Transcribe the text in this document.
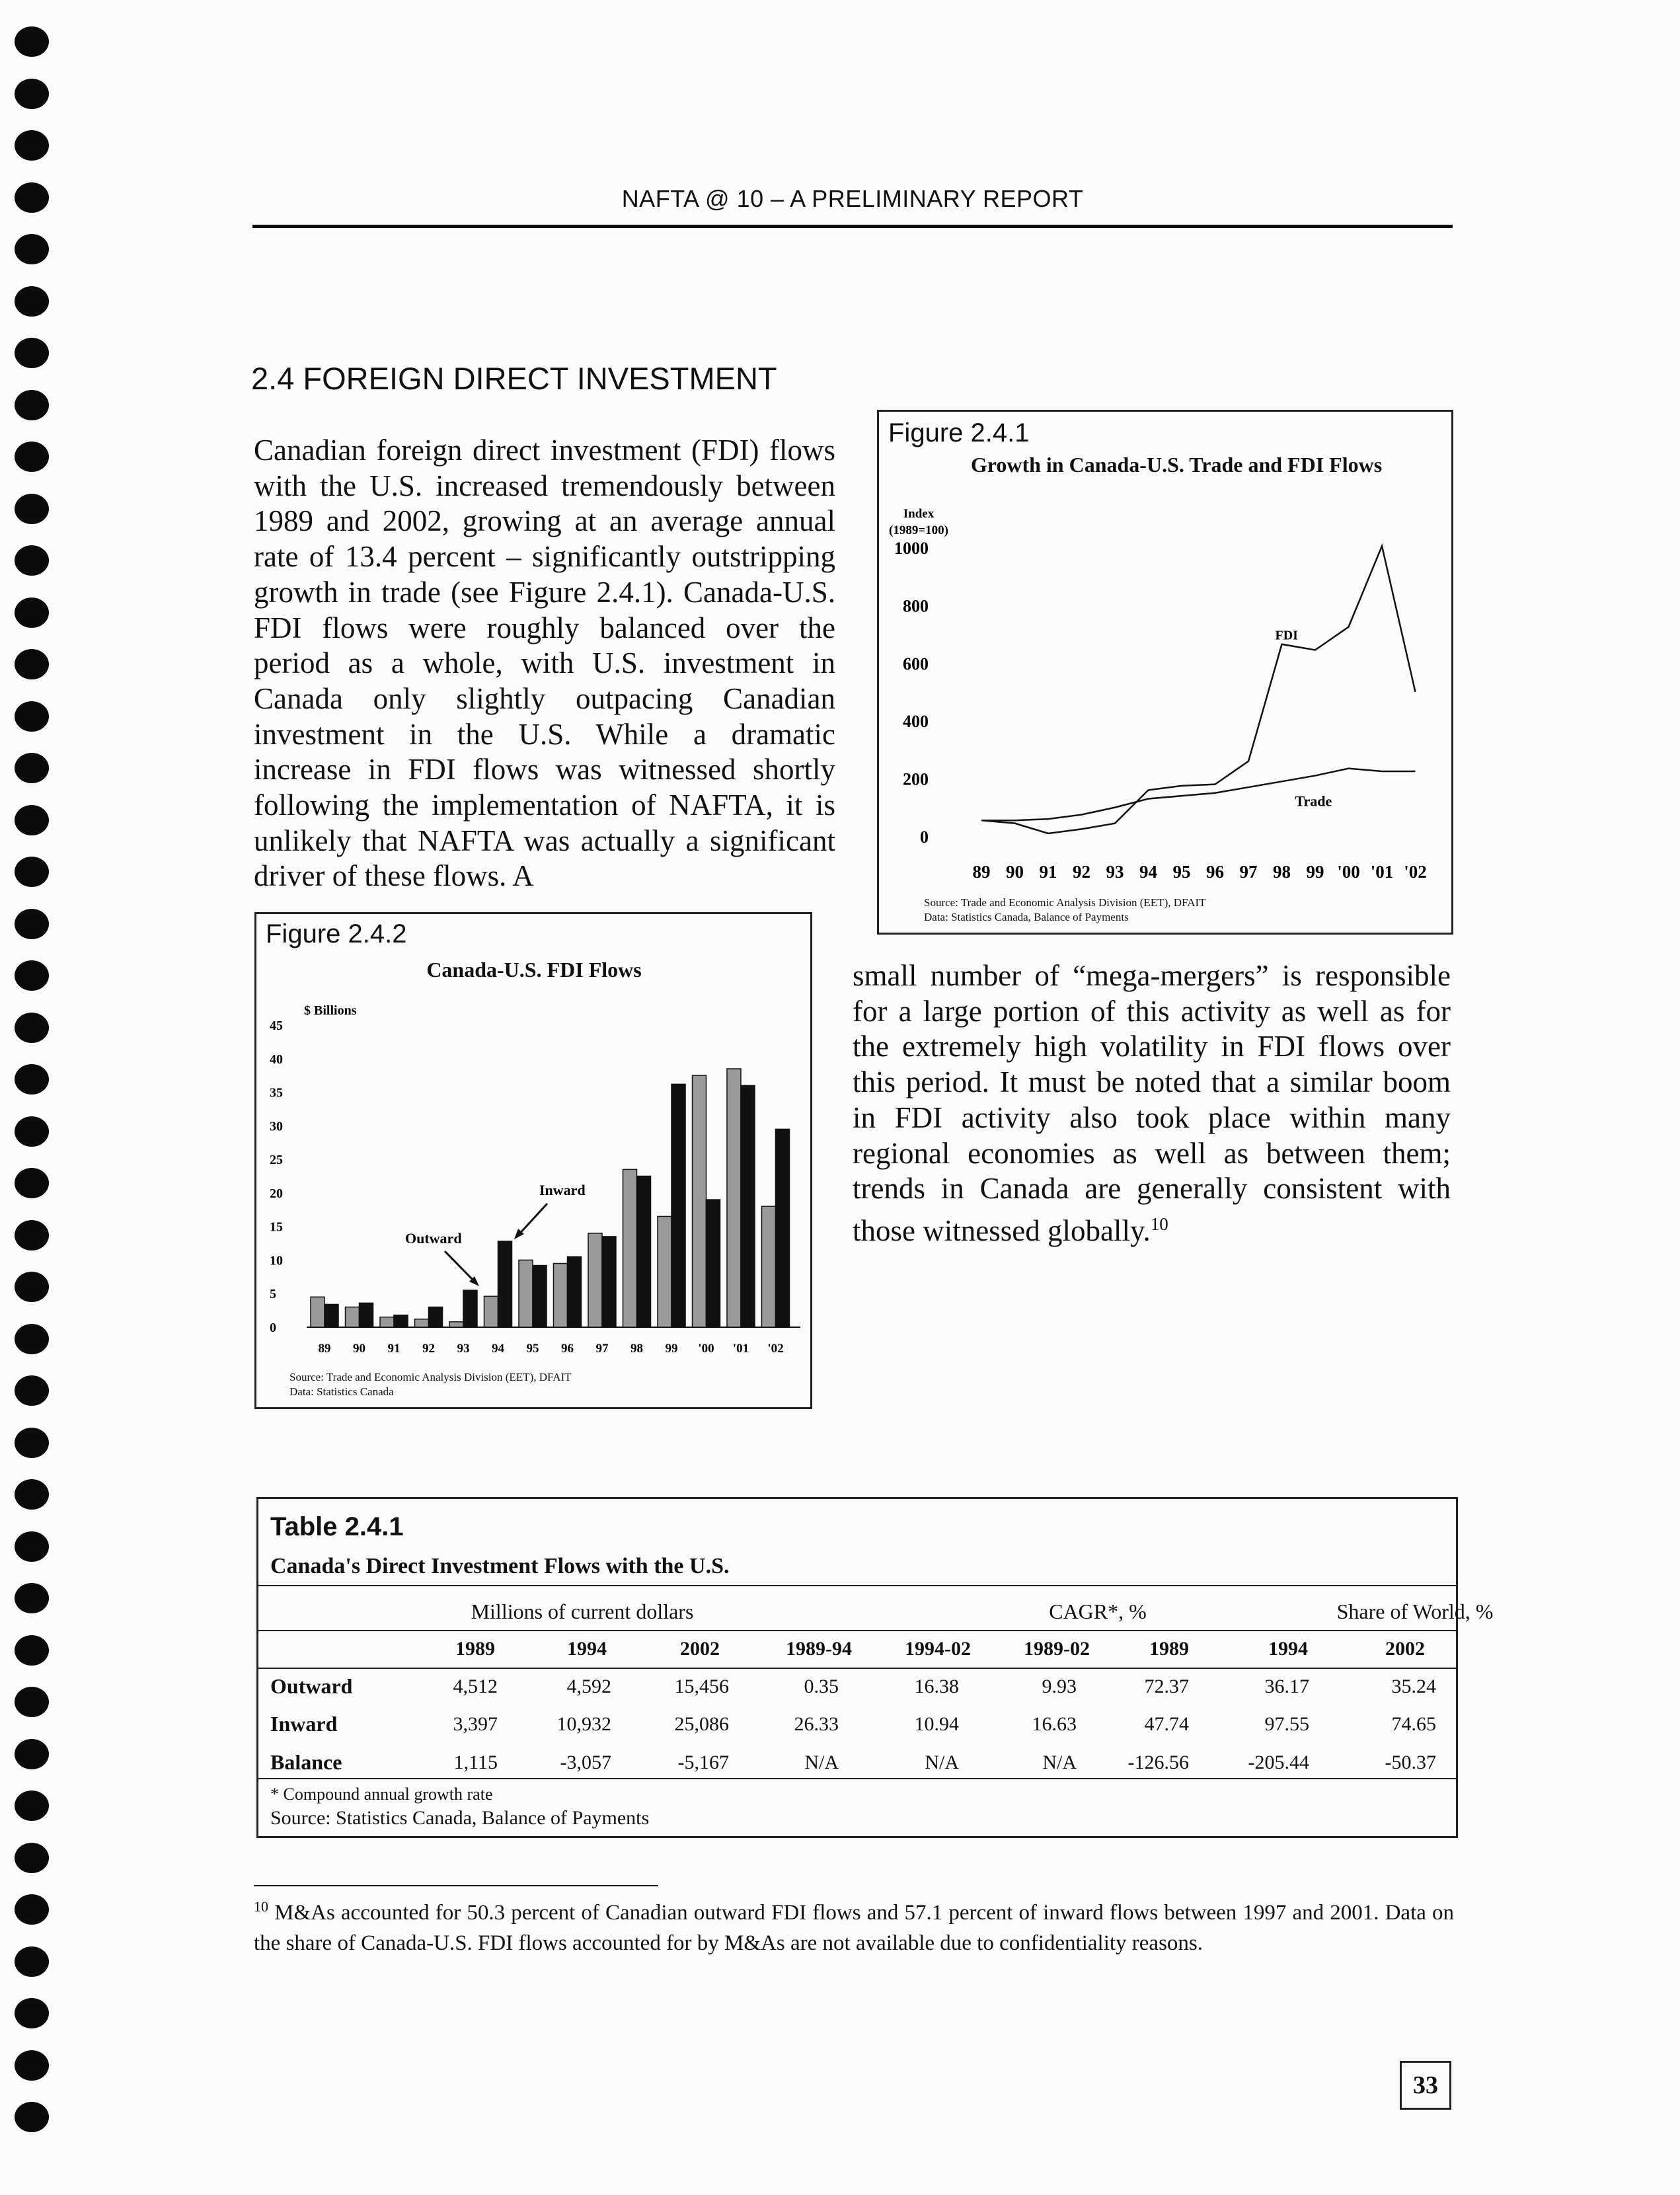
NAFTA @ 10 – A PRELIMINARY REPORT
2.4 FOREIGN DIRECT INVESTMENT
Canadian foreign direct investment (FDI) flows with the U.S. increased tremendously between 1989 and 2002, growing at an average annual rate of 13.4 percent – significantly outstripping growth in trade (see Figure 2.4.1). Canada-U.S. FDI flows were roughly balanced over the period as a whole, with U.S. investment in Canada only slightly outpacing Canadian investment in the U.S. While a dramatic increase in FDI flows was witnessed shortly following the implementation of NAFTA, it is unlikely that NAFTA was actually a significant driver of these flows. A
small number of “mega-mergers” is responsible for a large portion of this activity as well as for the extremely high volatility in FDI flows over this period. It must be noted that a similar boom in FDI activity also took place within many regional economies as well as between them; trends in Canada are generally consistent with those witnessed globally.$^{10}$
Figure 2.4.1
Growth in Canada-U.S. Trade and FDI Flows
Index
(1989=100)
0
200
400
600
800
1000
89 90 91 92 93 94 95 96 97 98 99 '00 '01 '02
FDI
Trade
Source: Trade and Economic Analysis Division (EET), DFAIT
Data: Statistics Canada, Balance of Payments
Figure 2.4.2
Canada-U.S. FDI Flows
$ Billions
0
5
10
15
20
25
30
35
40
45
89 90 91 92 93 94 95 96 97 98 99 '00 '01 '02
Outward
Inward
Source: Trade and Economic Analysis Division (EET), DFAIT
Data: Statistics Canada
Table 2.4.1
Canada's Direct Investment Flows with the U.S.
Millions of current dollars	CAGR*, %	Share of World, %
1989	1994	2002	1989-94	1994-02	1989-02	1989	1994	2002
Outward	4,512	4,592	15,456	0.35	16.38	9.93	72.37	36.17	35.24
Inward	3,397	10,932	25,086	26.33	10.94	16.63	47.74	97.55	74.65
Balance	1,115	-3,057	-5,167	N/A	N/A	N/A	-126.56	-205.44	-50.37
* Compound annual growth rate
Source: Statistics Canada, Balance of Payments
$^{10}$ M&As accounted for 50.3 percent of Canadian outward FDI flows and 57.1 percent of inward flows between 1997 and 2001. Data on the share of Canada-U.S. FDI flows accounted for by M&As are not available due to confidentiality reasons.
33
